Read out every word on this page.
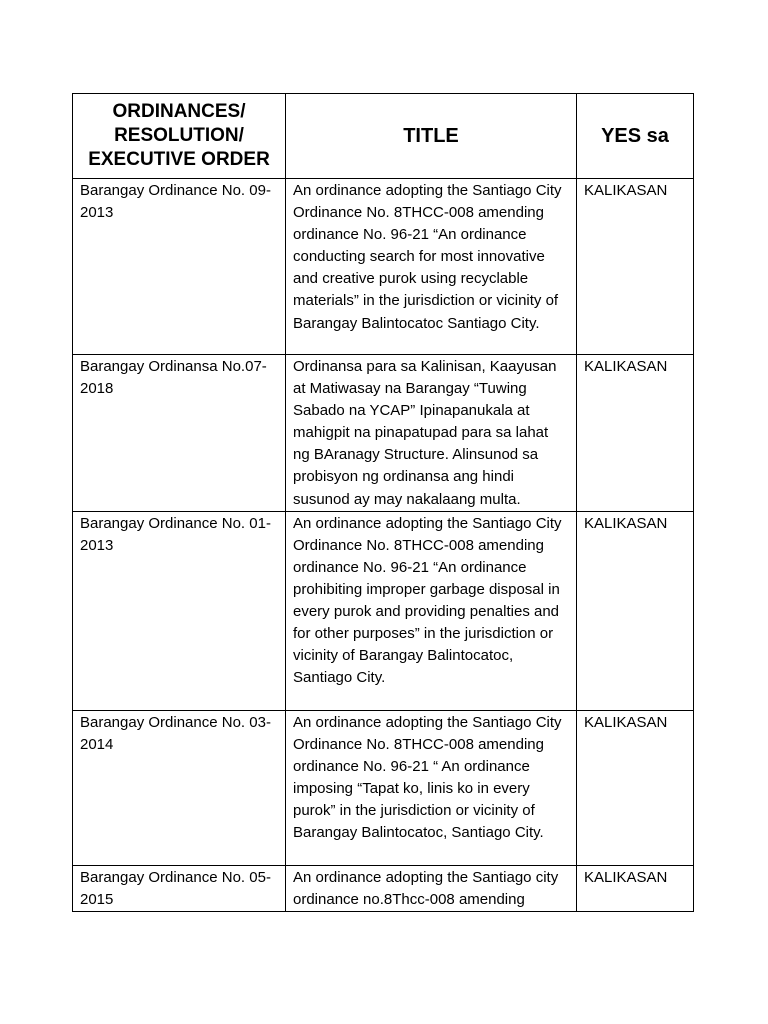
ORDINANCES/ RESOLUTION/ EXECUTIVE ORDER	TITLE	YES sa
Barangay Ordinance No. 09-2013	An ordinance adopting the Santiago City Ordinance No. 8THCC-008 amending ordinance No. 96-21 “An ordinance conducting search for most innovative and creative purok using recyclable materials” in the jurisdiction or vicinity of Barangay Balintocatoc Santiago City.	KALIKASAN
Barangay Ordinansa No.07-2018	Ordinansa para sa Kalinisan, Kaayusan at Matiwasay na Barangay “Tuwing Sabado na YCAP” Ipinapanukala at mahigpit na pinapatupad para sa lahat ng BAranagy Structure. Alinsunod sa probisyon ng ordinansa ang hindi susunod ay may nakalaang multa.	KALIKASAN
Barangay Ordinance No. 01-2013	An ordinance adopting the Santiago City Ordinance No. 8THCC-008 amending ordinance No. 96-21 “An ordinance prohibiting improper garbage disposal in every purok and providing penalties and for other purposes” in the jurisdiction or vicinity of Barangay Balintocatoc, Santiago City.	KALIKASAN
Barangay Ordinance No. 03-2014	An ordinance adopting the Santiago City Ordinance No. 8THCC-008 amending ordinance No. 96-21 “ An ordinance imposing “Tapat ko, linis ko in every purok” in the jurisdiction or vicinity of Barangay Balintocatoc, Santiago City.	KALIKASAN
Barangay Ordinance No. 05-2015	An ordinance adopting the Santiago city ordinance no.8Thcc-008 amending	KALIKASAN
